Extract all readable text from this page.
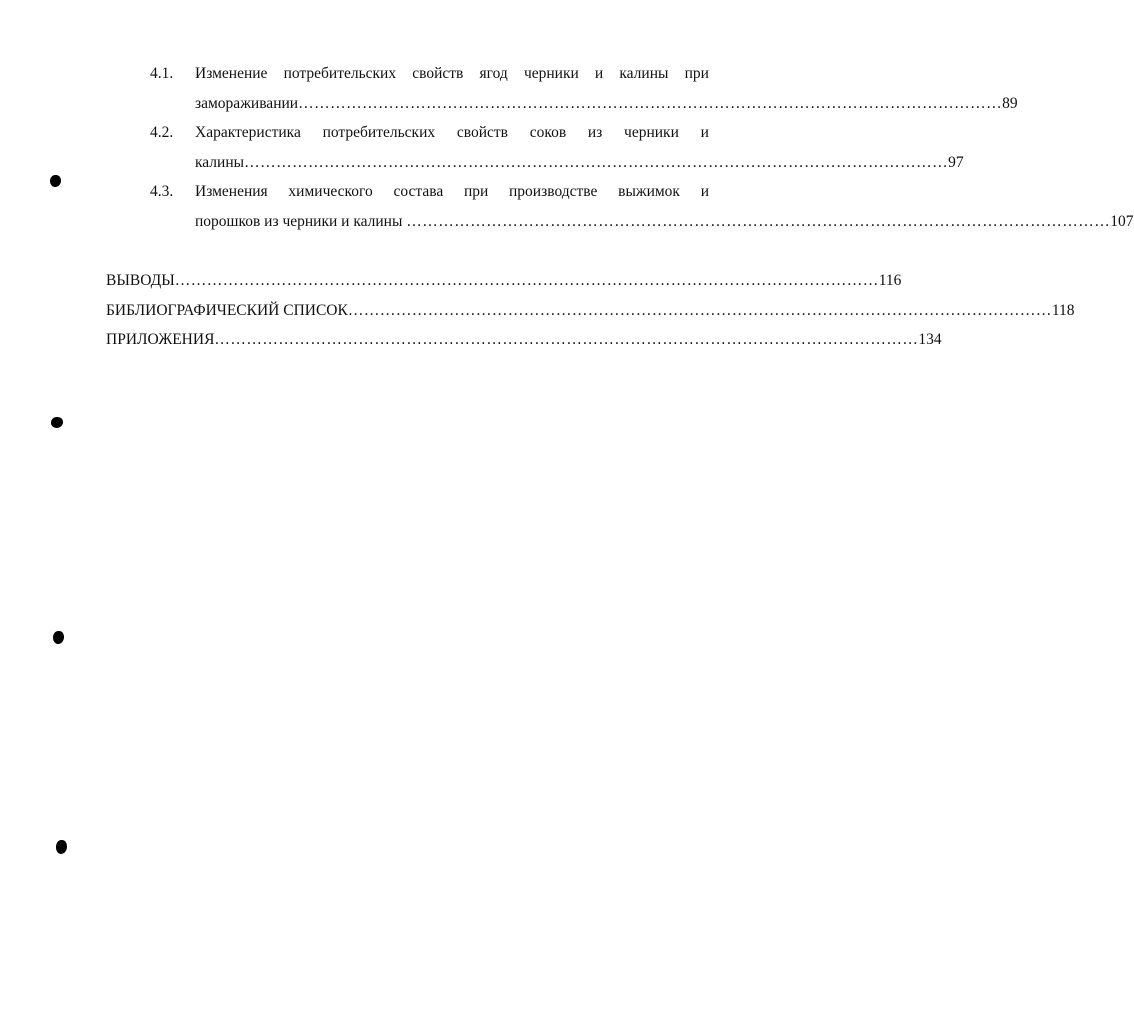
4.1. Изменение потребительских свойств ягод черники и калины при
замораживании …………………………………………………………………………………………………………………… 89
4.2. Характеристика потребительских свойств соков из черники и
калины …………………………………………………………………………………………………………………… 97
4.3. Изменения химического состава при производстве выжимок и
порошков из черники и калины …………………………………………………………………………………………………………………… 107
ВЫВОДЫ …………………………………………………………………………………………………………………… 116
БИБЛИОГРАФИЧЕСКИЙ СПИСОК …………………………………………………………………………………………………………………… 118
ПРИЛОЖЕНИЯ …………………………………………………………………………………………………………………… 134
